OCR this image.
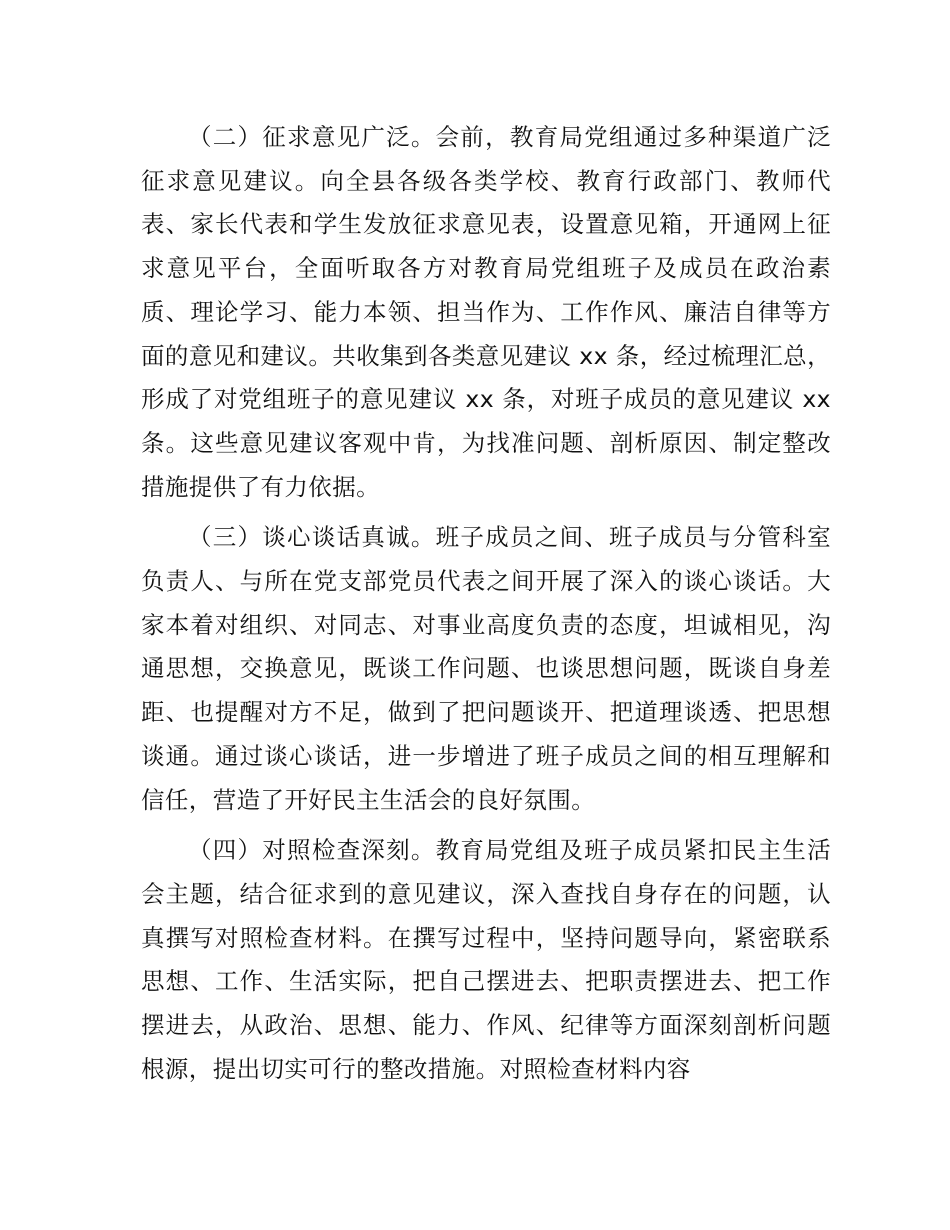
（二）征求意见广泛。会前，教育局党组通过多种渠道广泛征求意见建议。向全县各级各类学校、教育行政部门、教师代表、家长代表和学生发放征求意见表，设置意见箱，开通网上征求意见平台，全面听取各方对教育局党组班子及成员在政治素质、理论学习、能力本领、担当作为、工作作风、廉洁自律等方面的意见和建议。共收集到各类意见建议 xx 条，经过梳理汇总，形成了对党组班子的意见建议 xx 条，对班子成员的意见建议 xx 条。这些意见建议客观中肯，为找准问题、剖析原因、制定整改措施提供了有力依据。

（三）谈心谈话真诚。班子成员之间、班子成员与分管科室负责人、与所在党支部党员代表之间开展了深入的谈心谈话。大家本着对组织、对同志、对事业高度负责的态度，坦诚相见，沟通思想，交换意见，既谈工作问题、也谈思想问题，既谈自身差距、也提醒对方不足，做到了把问题谈开、把道理谈透、把思想谈通。通过谈心谈话，进一步增进了班子成员之间的相互理解和信任，营造了开好民主生活会的良好氛围。

（四）对照检查深刻。教育局党组及班子成员紧扣民主生活会主题，结合征求到的意见建议，深入查找自身存在的问题，认真撰写对照检查材料。在撰写过程中，坚持问题导向，紧密联系思想、工作、生活实际，把自己摆进去、把职责摆进去、把工作摆进去，从政治、思想、能力、作风、纪律等方面深刻剖析问题根源，提出切实可行的整改措施。对照检查材料内容
